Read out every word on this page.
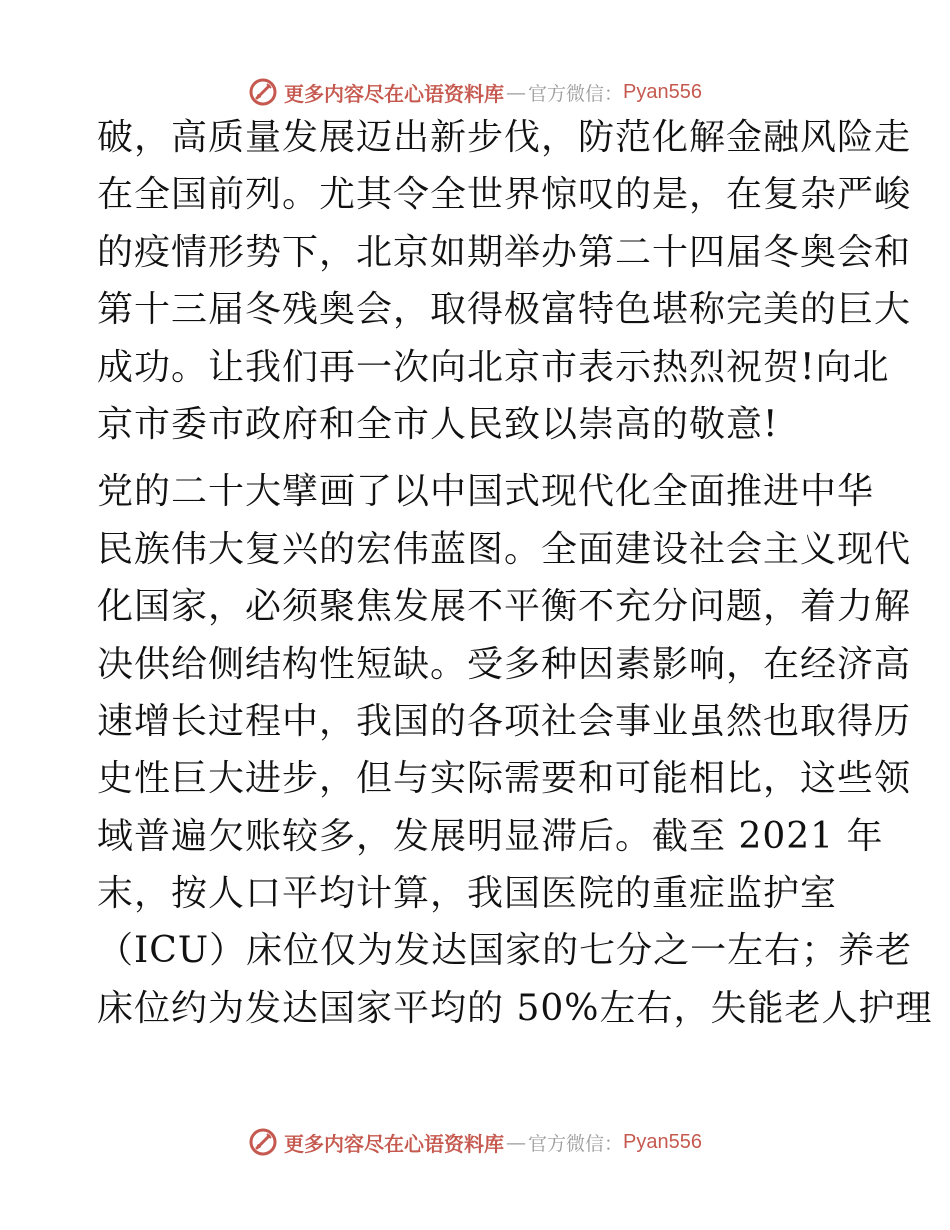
更多内容尽在心语资料库 — 官方微信： Pyan556
破，高质量发展迈出新步伐，防范化解金融风险走
在全国前列。尤其令全世界惊叹的是，在复杂严峻
的疫情形势下，北京如期举办第二十四届冬奥会和
第十三届冬残奥会，取得极富特色堪称完美的巨大
成功。让我们再一次向北京市表示热烈祝贺!向北
京市委市政府和全市人民致以崇高的敬意!
党的二十大擘画了以中国式现代化全面推进中华
民族伟大复兴的宏伟蓝图。全面建设社会主义现代
化国家，必须聚焦发展不平衡不充分问题，着力解
决供给侧结构性短缺。受多种因素影响，在经济高
速增长过程中，我国的各项社会事业虽然也取得历
史性巨大进步，但与实际需要和可能相比，这些领
域普遍欠账较多，发展明显滞后。截至 2021 年
末，按人口平均计算，我国医院的重症监护室
（ICU）床位仅为发达国家的七分之一左右；养老
床位约为发达国家平均的 50%左右，失能老人护理
更多内容尽在心语资料库 — 官方微信： Pyan556
